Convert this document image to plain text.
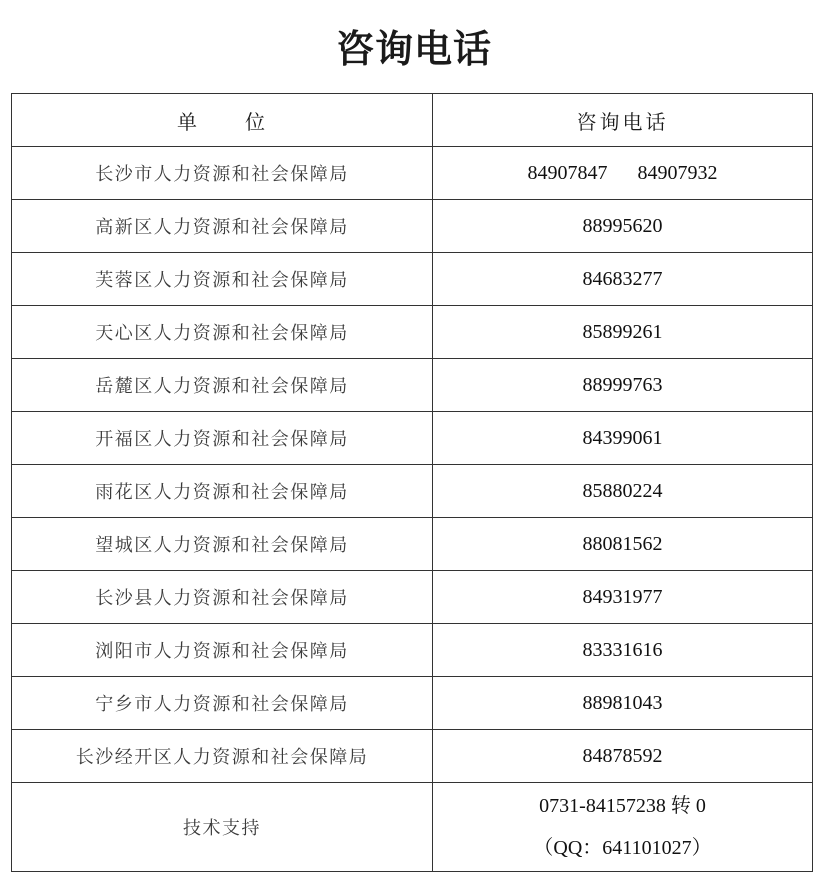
咨询电话
单 位	咨询电话
长沙市人力资源和社会保障局	84907847 84907932
高新区人力资源和社会保障局	88995620
芙蓉区人力资源和社会保障局	84683277
天心区人力资源和社会保障局	85899261
岳麓区人力资源和社会保障局	88999763
开福区人力资源和社会保障局	84399061
雨花区人力资源和社会保障局	85880224
望城区人力资源和社会保障局	88081562
长沙县人力资源和社会保障局	84931977
浏阳市人力资源和社会保障局	83331616
宁乡市人力资源和社会保障局	88981043
长沙经开区人力资源和社会保障局	84878592
技术支持	0731-84157238 转 0
（QQ：641101027）
